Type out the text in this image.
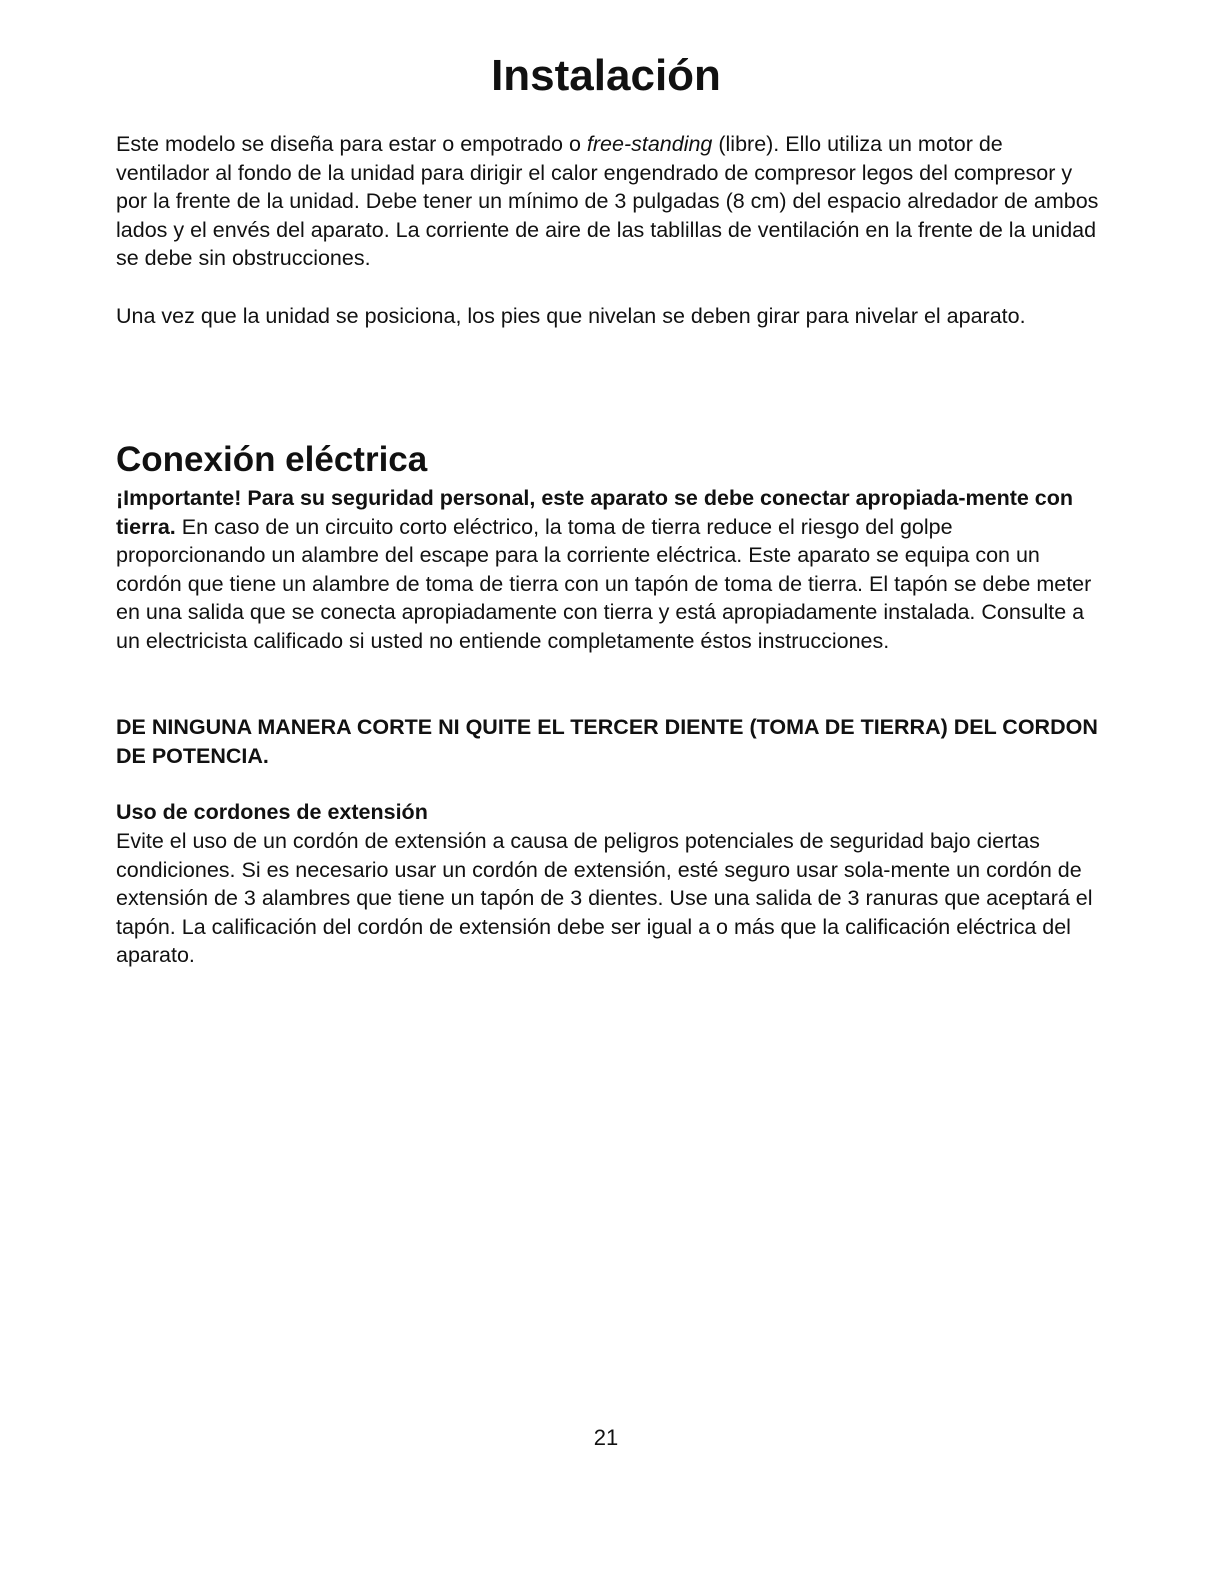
Instalación

Este modelo se diseña para estar o empotrado o free-standing (libre). Ello utiliza un motor de ventilador al fondo de la unidad para dirigir el calor engendrado de compresor legos del compresor y por la frente de la unidad. Debe tener un mínimo de 3 pulgadas (8 cm) del espacio alredador de ambos lados y el envés del aparato. La corriente de aire de las tablillas de ventilación en la frente de la unidad se debe sin obstrucciones.

Una vez que la unidad se posiciona, los pies que nivelan se deben girar para nivelar el aparato.

Conexión eléctrica

¡Importante! Para su seguridad personal, este aparato se debe conectar apropiada-mente con tierra. En caso de un circuito corto eléctrico, la toma de tierra reduce el riesgo del golpe proporcionando un alambre del escape para la corriente eléctrica. Este aparato se equipa con un cordón que tiene un alambre de toma de tierra con un tapón de toma de tierra. El tapón se debe meter en una salida que se conecta apropiadamente con tierra y está apropiadamente instalada. Consulte a un electricista calificado si usted no entiende completamente éstos instrucciones.

DE NINGUNA MANERA CORTE NI QUITE EL TERCER DIENTE (TOMA DE TIERRA) DEL CORDON DE POTENCIA.

Uso de cordones de extensión

Evite el uso de un cordón de extensión a causa de peligros potenciales de seguridad bajo ciertas condiciones. Si es necesario usar un cordón de extensión, esté seguro usar sola-mente un cordón de extensión de 3 alambres que tiene un tapón de 3 dientes. Use una salida de 3 ranuras que aceptará el tapón. La calificación del cordón de extensión debe ser igual a o más que la calificación eléctrica del aparato.

21
